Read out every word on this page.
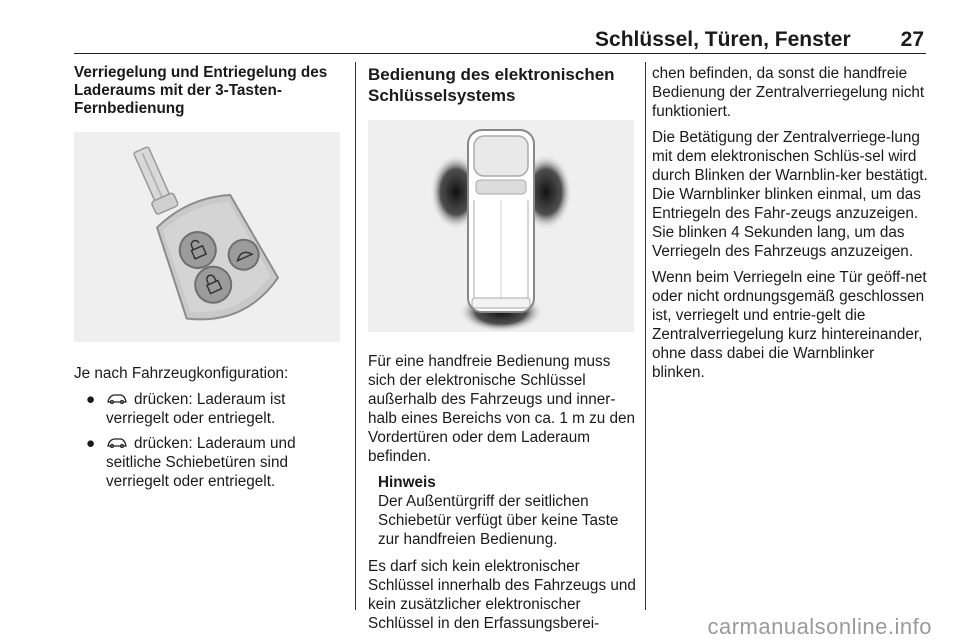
Schlüssel, Türen, Fenster 27
Verriegelung und Entriegelung des Laderaums mit der 3-Tasten-Fernbedienung

Je nach Fahrzeugkonfiguration:

●	drücken: Laderaum ist verriegelt oder entriegelt.
●	drücken: Laderaum und seitliche Schiebetüren sind verriegelt oder entriegelt.
Bedienung des elektronischen Schlüsselsystems

Für eine handfreie Bedienung muss sich der elektronische Schlüssel außerhalb des Fahrzeugs und inner-halb eines Bereichs von ca. 1 m zu den Vordertüren oder dem Laderaum befinden.

Hinweis
Der Außentürgriff der seitlichen Schiebetür verfügt über keine Taste zur handfreien Bedienung.

Es darf sich kein elektronischer Schlüssel innerhalb des Fahrzeugs und kein zusätzlicher elektronischer Schlüssel in den Erfassungsberei-

chen befinden, da sonst die handfreie Bedienung der Zentralverriegelung nicht funktioniert.

Die Betätigung der Zentralverriege-lung mit dem elektronischen Schlüs-sel wird durch Blinken der Warnblin-ker bestätigt. Die Warnblinker blinken einmal, um das Entriegeln des Fahr-zeugs anzuzeigen. Sie blinken 4 Sekunden lang, um das Verriegeln des Fahrzeugs anzuzeigen.

Wenn beim Verriegeln eine Tür geöff-net oder nicht ordnungsgemäß geschlossen ist, verriegelt und entrie-gelt die Zentralverriegelung kurz hintereinander, ohne dass dabei die Warnblinker blinken.

carmanualsonline.info
